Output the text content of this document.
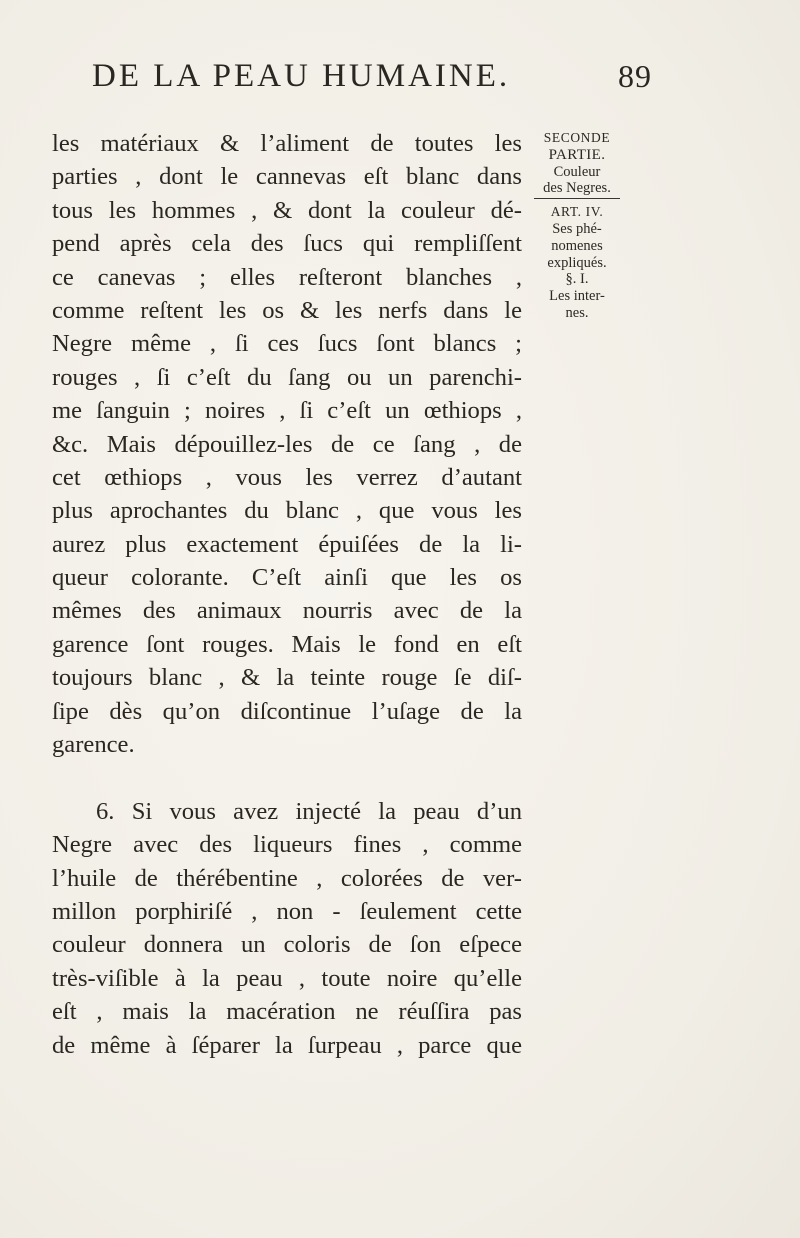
DE LA PEAU HUMAINE.	89
les matériaux & l’aliment de toutes les
parties , dont le cannevas eſt blanc dans
tous les hommes , & dont la couleur dé-
pend après cela des ſucs qui rempliſſent
ce canevas ; elles reſteront blanches ,
comme reſtent les os & les nerfs dans le
Negre même , ſi ces ſucs ſont blancs ;
rouges , ſi c’eſt du ſang ou un parenchi-
me ſanguin ; noires , ſi c’eſt un œthiops ,
&c. Mais dépouillez-les de ce ſang , de
cet œthiops , vous les verrez d’autant
plus aprochantes du blanc , que vous les
aurez plus exactement épuiſées de la li-
queur colorante. C’eſt ainſi que les os
mêmes des animaux nourris avec de la
garence ſont rouges. Mais le fond en eſt
toujours blanc , & la teinte rouge ſe diſ-
ſipe dès qu’on diſcontinue l’uſage de la
garence.
6. Si vous avez injecté la peau d’un
Negre avec des liqueurs fines , comme
l’huile de thérébentine , colorées de ver-
millon porphiriſé , non - ſeulement cette
couleur donnera un coloris de ſon eſpece
très-viſible à la peau , toute noire qu’elle
eſt , mais la macération ne réuſſira pas
de même à ſéparer la ſurpeau , parce que
SECONDE
PARTIE.
Couleur
des Negres.
ART. IV.
Ses phé-
nomenes
expliqués.
§. I.
Les inter-
nes.
